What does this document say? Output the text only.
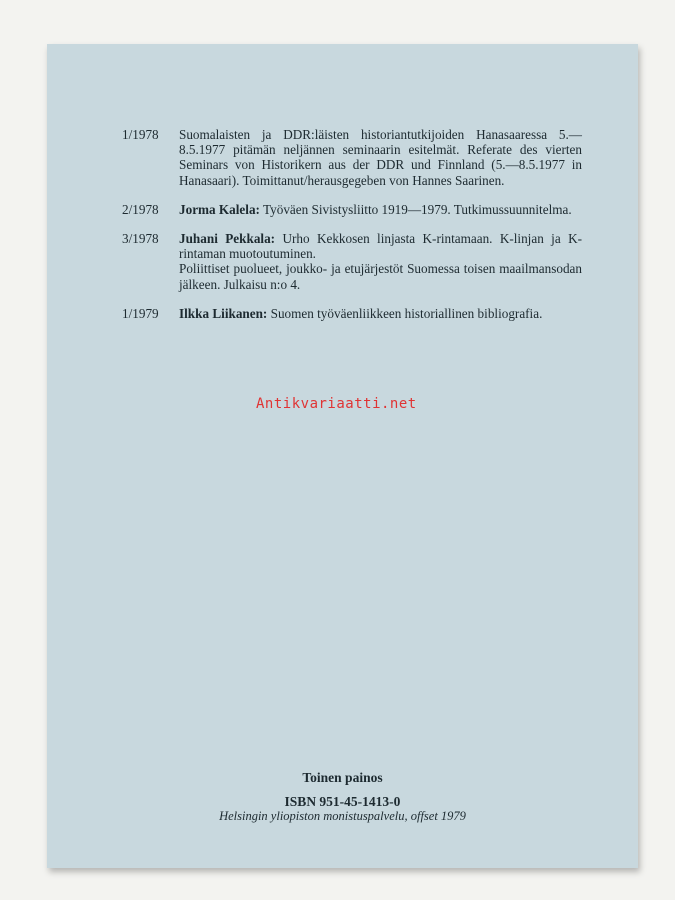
1/1978	Suomalaisten ja DDR:läisten historiantutkijoiden Hanasaaressa 5.—8.5.1977 pitämän neljännen seminaarin esitelmät. Referate des vierten Seminars von Historikern aus der DDR und Finnland (5.—8.5.1977 in Hanasaari). Toimittanut/herausgegeben von Hannes Saarinen.
2/1978	Jorma Kalela: Työväen Sivistysliitto 1919—1979. Tutkimussuunnitelma.
3/1978	Juhani Pekkala: Urho Kekkosen linjasta K-rintamaan. K-linjan ja K-rintaman muotoutuminen.
Poliittiset puolueet, joukko- ja etujärjestöt Suomessa toisen maailmansodan jälkeen. Julkaisu n:o 4.
1/1979	Ilkka Liikanen: Suomen työväenliikkeen historiallinen bibliografia.
Antikvariaatti.net
Toinen painos
ISBN 951-45-1413-0
Helsingin yliopiston monistuspalvelu, offset 1979
